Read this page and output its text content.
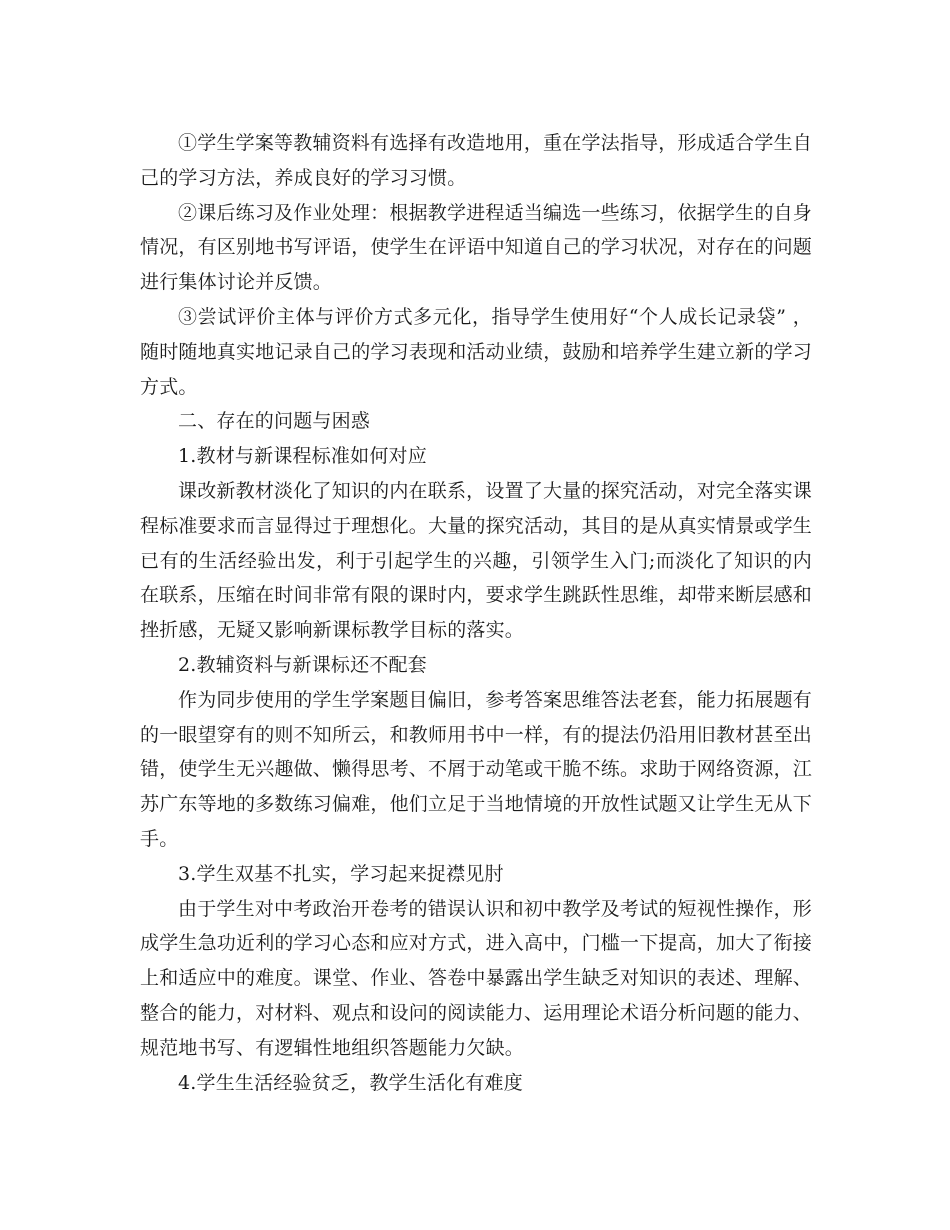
①学生学案等教辅资料有选择有改造地用，重在学法指导，形成适合学生自己的学习方法，养成良好的学习习惯。

②课后练习及作业处理：根据教学进程适当编选一些练习，依据学生的自身情况，有区别地书写评语，使学生在评语中知道自己的学习状况，对存在的问题进行集体讨论并反馈。

③尝试评价主体与评价方式多元化，指导学生使用好“个人成长记录袋” ，随时随地真实地记录自己的学习表现和活动业绩，鼓励和培养学生建立新的学习方式。

二、存在的问题与困惑

1.教材与新课程标准如何对应

课改新教材淡化了知识的内在联系，设置了大量的探究活动，对完全落实课程标准要求而言显得过于理想化。大量的探究活动，其目的是从真实情景或学生已有的生活经验出发，利于引起学生的兴趣，引领学生入门;而淡化了知识的内在联系，压缩在时间非常有限的课时内，要求学生跳跃性思维，却带来断层感和挫折感，无疑又影响新课标教学目标的落实。

2.教辅资料与新课标还不配套

作为同步使用的学生学案题目偏旧，参考答案思维答法老套，能力拓展题有的一眼望穿有的则不知所云，和教师用书中一样，有的提法仍沿用旧教材甚至出错，使学生无兴趣做、懒得思考、不屑于动笔或干脆不练。求助于网络资源，江苏广东等地的多数练习偏难，他们立足于当地情境的开放性试题又让学生无从下手。

3.学生双基不扎实，学习起来捉襟见肘

由于学生对中考政治开卷考的错误认识和初中教学及考试的短视性操作，形成学生急功近利的学习心态和应对方式，进入高中，门槛一下提高，加大了衔接上和适应中的难度。课堂、作业、答卷中暴露出学生缺乏对知识的表述、理解、整合的能力，对材料、观点和设问的阅读能力、运用理论术语分析问题的能力、规范地书写、有逻辑性地组织答题能力欠缺。

4.学生生活经验贫乏，教学生活化有难度
